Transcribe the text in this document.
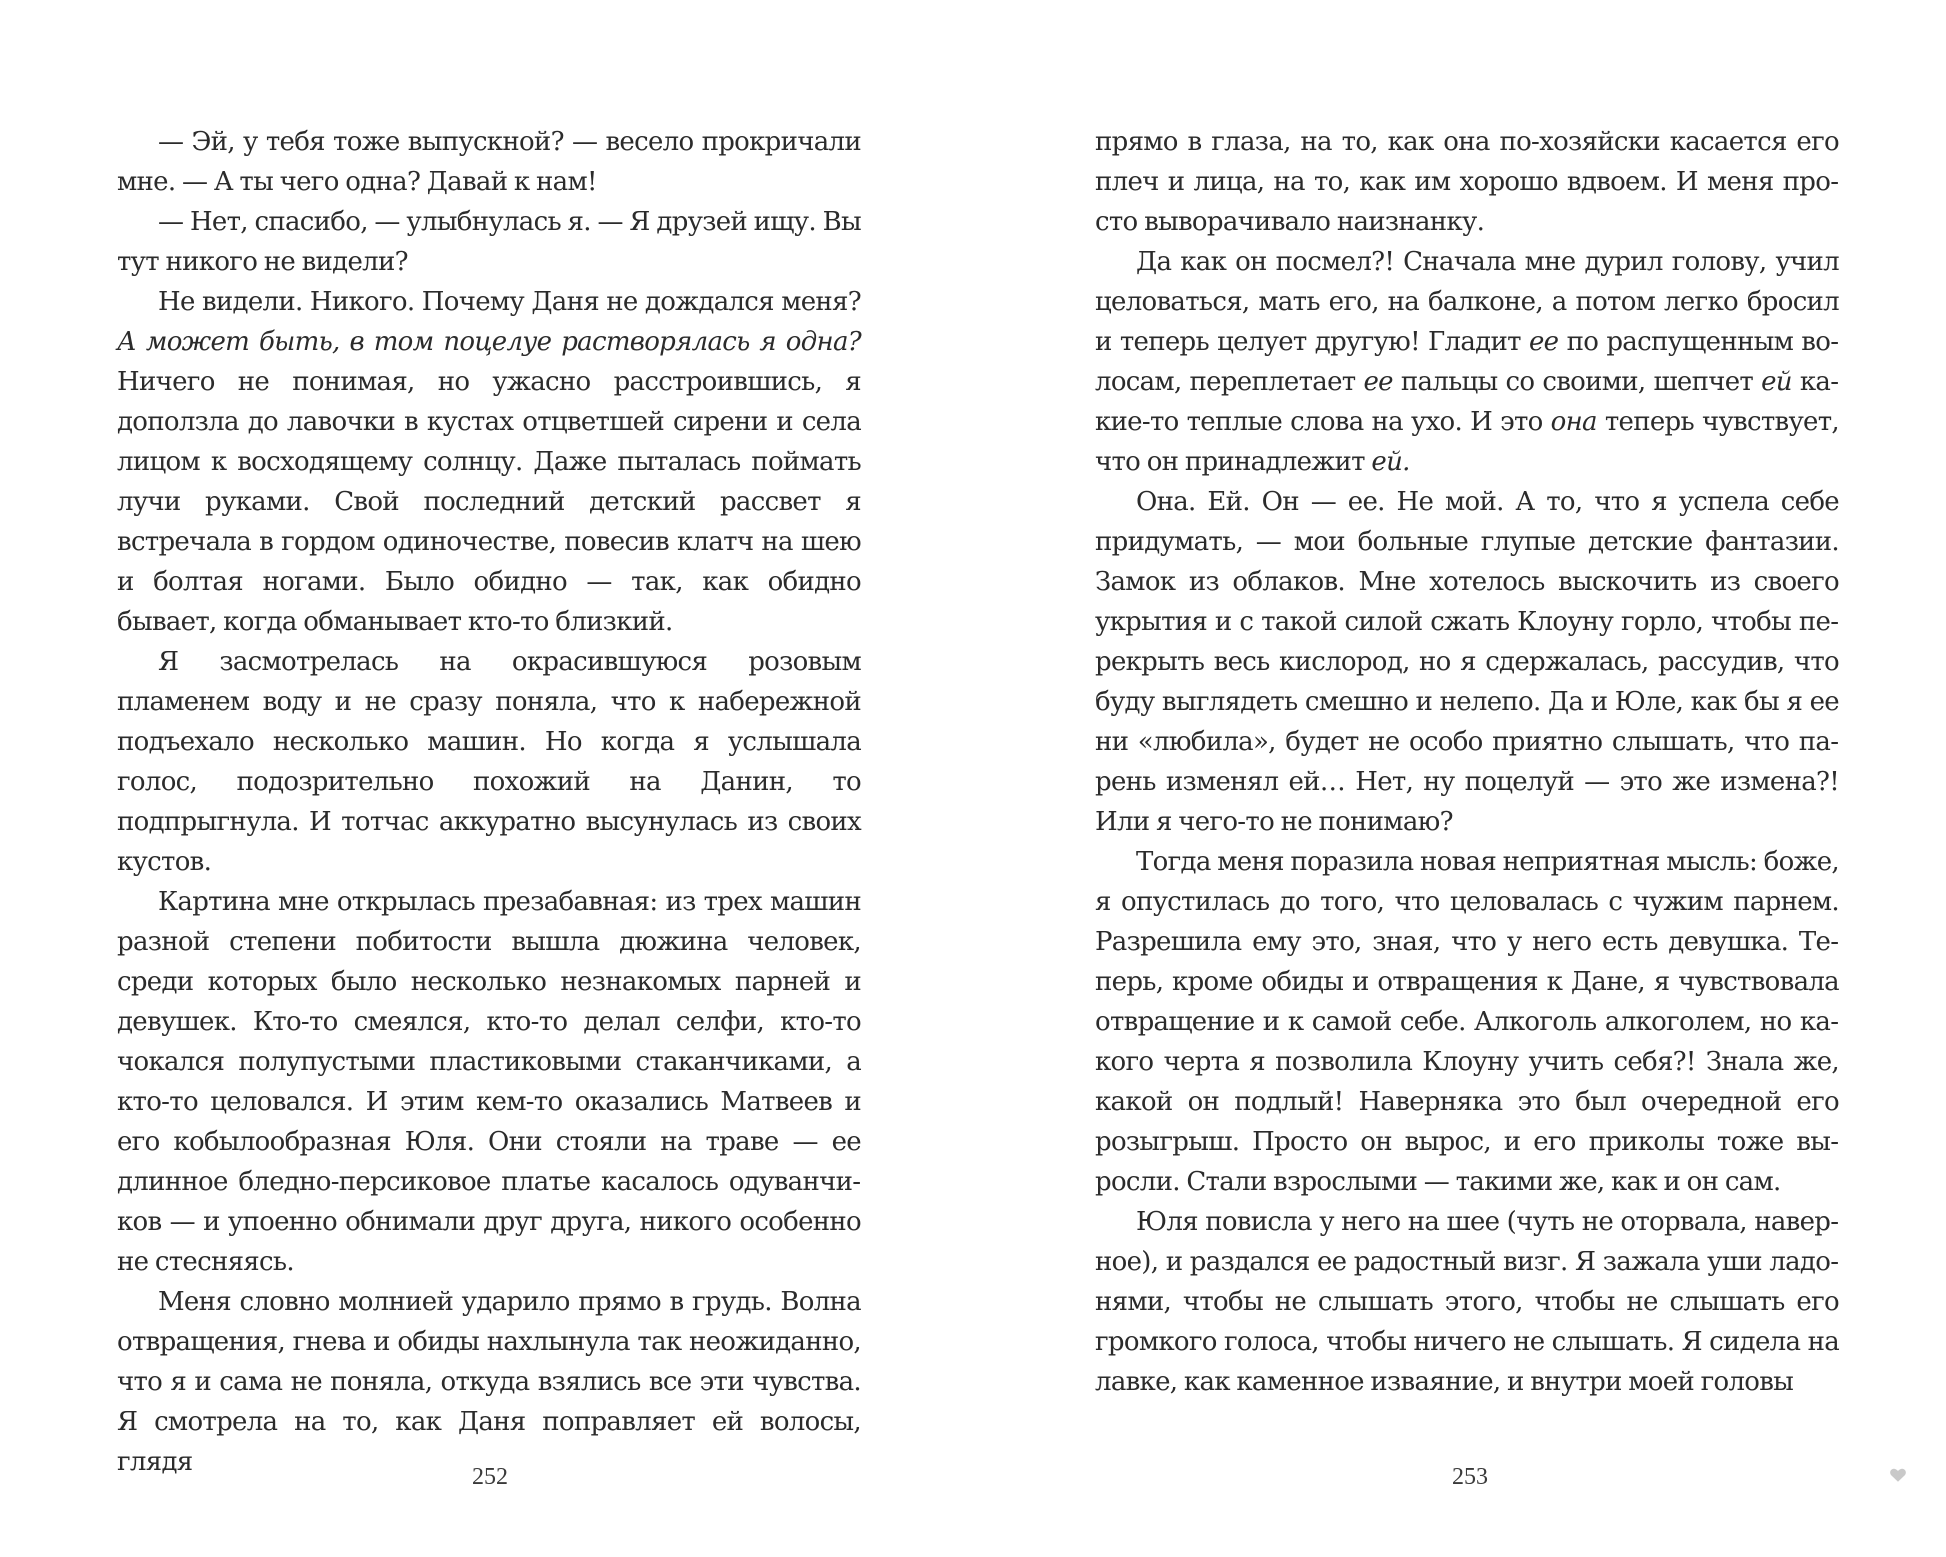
— Эй, у тебя тоже выпускной? — весело прокричали мне. — А ты чего одна? Давай к нам!

— Нет, спасибо, — улыбнулась я. — Я друзей ищу. Вы тут никого не видели?

Не видели. Никого. Почему Даня не дождался меня? А может быть, в том поцелуе растворялась я одна? Ничего не понимая, но ужасно расстроившись, я доползла до лавочки в кустах отцветшей сирени и села лицом к восходящему солнцу. Даже пыталась поймать лучи руками. Свой последний детский рассвет я встречала в гордом одиночестве, повесив клатч на шею и болтая ногами. Было обидно — так, как обидно бывает, когда обманывает кто-то близкий.

Я засмотрелась на окрасившуюся розовым пламенем воду и не сразу поняла, что к набережной подъехало несколько машин. Но когда я услышала голос, подозрительно похожий на Данин, то подпрыгнула. И тотчас аккуратно высунулась из своих кустов.

Картина мне открылась презабавная: из трех машин разной степени побитости вышла дюжина человек, среди которых было несколько незнакомых парней и девушек. Кто-то смеялся, кто-то делал селфи, кто-то чокался полупустыми пластиковыми стаканчиками, а кто-то целовался. И этим кем-то оказались Матвеев и его кобылообразная Юля. Они стояли на траве — ее длинное бледно-персиковое платье касалось одуванчиков — и упоенно обнимали друг друга, никого особенно не стесняясь.

Меня словно молнией ударило прямо в грудь. Волна отвращения, гнева и обиды нахлынула так неожиданно, что я и сама не поняла, откуда взялись все эти чувства. Я смотрела на то, как Даня поправляет ей волосы, глядя	252

прямо в глаза, на то, как она по-хозяйски касается его плеч и лица, на то, как им хорошо вдвоем. И меня просто выворачивало наизнанку.

Да как он посмел?! Сначала мне дурил голову, учил целоваться, мать его, на балконе, а потом легко бросил и теперь целует другую! Гладит ее по распущенным волосам, переплетает ее пальцы со своими, шепчет ей какие-то теплые слова на ухо. И это она теперь чувствует, что он принадлежит ей.

Она. Ей. Он — ее. Не мой. А то, что я успела себе придумать, — мои больные глупые детские фантазии. Замок из облаков. Мне хотелось выскочить из своего укрытия и с такой силой сжать Клоуну горло, чтобы перекрыть весь кислород, но я сдержалась, рассудив, что буду выглядеть смешно и нелепо. Да и Юле, как бы я ее ни «любила», будет не особо приятно слышать, что парень изменял ей… Нет, ну поцелуй — это же измена?! Или я чего-то не понимаю?

Тогда меня поразила новая неприятная мысль: боже, я опустилась до того, что целовалась с чужим парнем. Разрешила ему это, зная, что у него есть девушка. Теперь, кроме обиды и отвращения к Дане, я чувствовала отвращение и к самой себе. Алкоголь алкоголем, но какого черта я позволила Клоуну учить себя?! Знала же, какой он подлый! Наверняка это был очередной его розыгрыш. Просто он вырос, и его приколы тоже выросли. Стали взрослыми — такими же, как и он сам.

Юля повисла у него на шее (чуть не оторвала, наверное), и раздался ее радостный визг. Я зажала уши ладонями, чтобы не слышать этого, чтобы не слышать его громкого голоса, чтобы ничего не слышать. Я сидела на лавке, как каменное изваяние, и внутри моей головы

253
